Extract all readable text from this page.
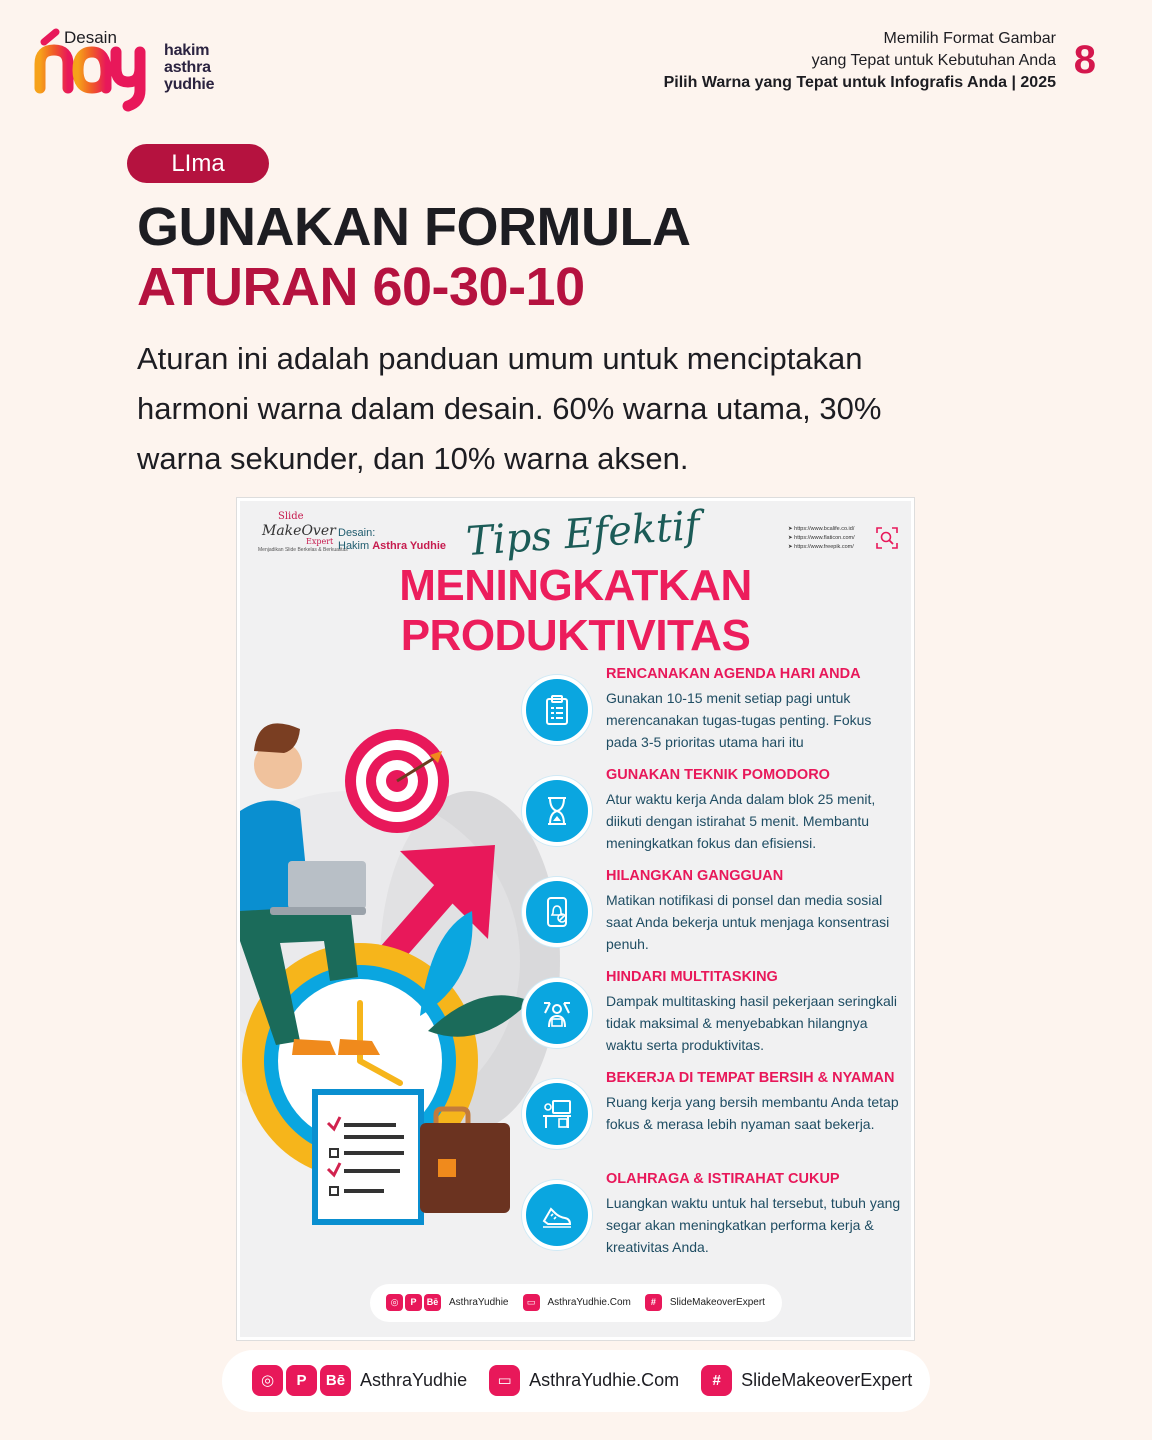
Desain
hakim
asthra
yudhie
Memilih Format Gambar
yang Tepat untuk Kebutuhan Anda
Pilih Warna yang Tepat untuk Infografis Anda | 2025
8
LIma
GUNAKAN FORMULA
ATURAN 60-30-10
Aturan ini adalah panduan umum untuk menciptakan harmoni warna dalam desain. 60% warna utama, 30% warna sekunder, dan 10% warna aksen.
Slide
MakeOver
Expert
Menjadikan Slide Berkelas & Berkualitas
Desain:
Hakim Asthra Yudhie Tips Efektif	➤ https://www.bcalife.co.id/
➤ https://www.flaticon.com/
➤ https://www.freepik.com/
MENINGKATKAN
PRODUKTIVITAS
RENCANAKAN AGENDA HARI ANDA
Gunakan 10-15 menit setiap pagi untuk merencanakan tugas-tugas penting. Fokus pada 3-5 prioritas utama hari itu
GUNAKAN TEKNIK POMODORO
Atur waktu kerja Anda dalam blok 25 menit, diikuti dengan istirahat 5 menit. Membantu meningkatkan fokus dan efisiensi.
HILANGKAN GANGGUAN
Matikan notifikasi di ponsel dan media sosial saat Anda bekerja untuk menjaga konsentrasi penuh.
HINDARI MULTITASKING
Dampak multitasking hasil pekerjaan seringkali tidak maksimal & menyebabkan hilangnya waktu serta produktivitas.
BEKERJA DI TEMPAT BERSIH & NYAMAN
Ruang kerja yang bersih membantu Anda tetap fokus & merasa lebih nyaman saat bekerja.
OLAHRAGA & ISTIRAHAT CUKUP
Luangkan waktu untuk hal tersebut, tubuh yang segar akan meningkatkan performa kerja & kreativitas Anda.
◎	P	Bē AsthraYudhie	▭	AsthraYudhie.Com	#	SlideMakeoverExpert
◎	P	Bē AsthraYudhie	▭ AsthraYudhie.Com	#	SlideMakeoverExpert
